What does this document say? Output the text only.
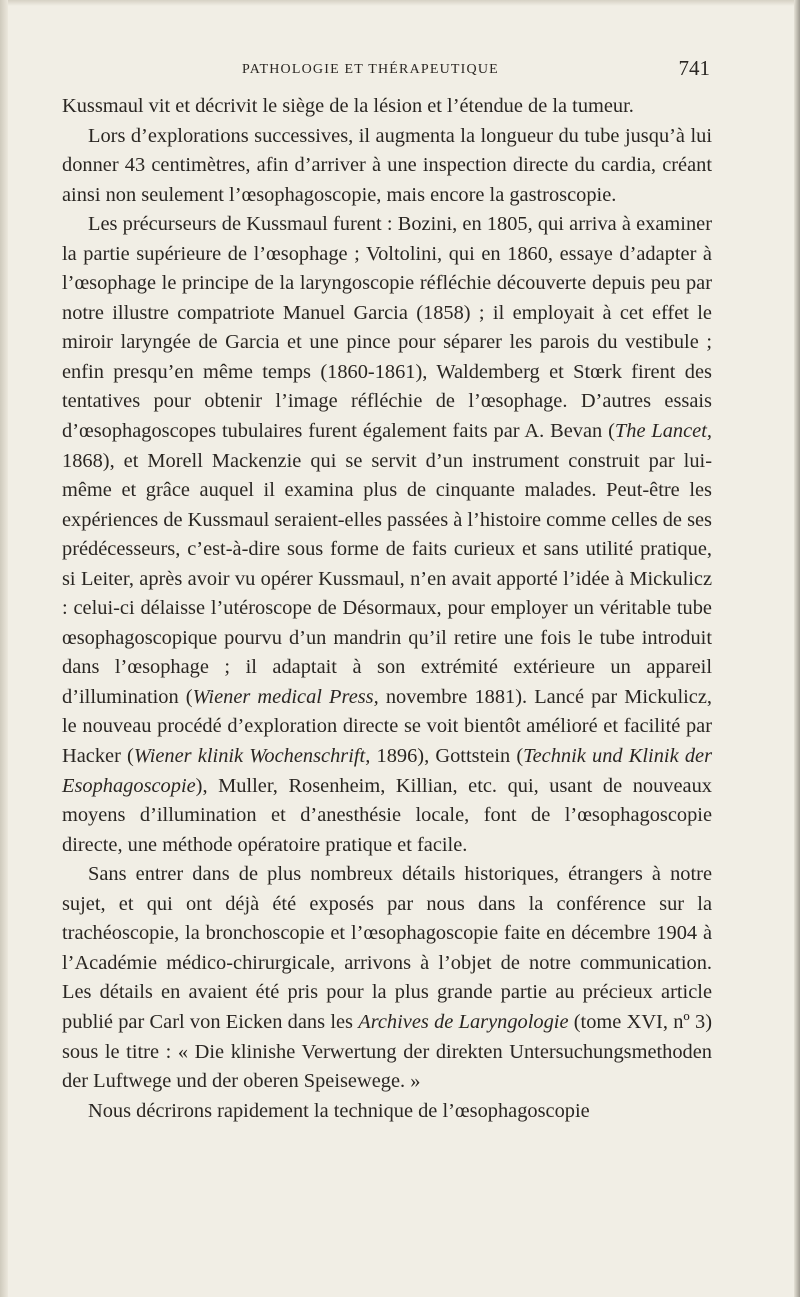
PATHOLOGIE ET THÉRAPEUTIQUE	741

Kussmaul vit et décrivit le siège de la lésion et l’étendue de la tumeur.

Lors d’explorations successives, il augmenta la longueur du tube jusqu’à lui donner 43 centimètres, afin d’arriver à une inspection directe du cardia, créant ainsi non seulement l’œsophagoscopie, mais encore la gastroscopie.

Les précurseurs de Kussmaul furent : Bozini, en 1805, qui arriva à examiner la partie supérieure de l’œsophage ; Voltolini, qui en 1860, essaye d’adapter à l’œsophage le principe de la laryngoscopie réfléchie découverte depuis peu par notre illustre compatriote Manuel Garcia (1858) ; il employait à cet effet le miroir laryngée de Garcia et une pince pour séparer les parois du vestibule ; enfin presqu’en même temps (1860-1861), Waldemberg et Stœrk firent des tentatives pour obtenir l’image réfléchie de l’œsophage. D’autres essais d’œsophagoscopes tubulaires furent également faits par A. Bevan (The Lancet, 1868), et Morell Mackenzie qui se servit d’un instrument construit par lui-même et grâce auquel il examina plus de cinquante malades. Peut-être les expériences de Kussmaul seraient-elles passées à l’histoire comme celles de ses prédécesseurs, c’est-à-dire sous forme de faits curieux et sans utilité pratique, si Leiter, après avoir vu opérer Kussmaul, n’en avait apporté l’idée à Mickulicz : celui-ci délaisse l’utéroscope de Désormaux, pour employer un véritable tube œsophagoscopique pourvu d’un mandrin qu’il retire une fois le tube introduit dans l’œsophage ; il adaptait à son extrémité extérieure un appareil d’illumination (Wiener medical Press, novembre 1881). Lancé par Mickulicz, le nouveau procédé d’exploration directe se voit bientôt amélioré et facilité par Hacker (Wiener klinik Wochenschrift, 1896), Gottstein (Technik und Klinik der Esophagoscopie), Muller, Rosenheim, Killian, etc. qui, usant de nouveaux moyens d’illumination et d’anesthésie locale, font de l’œsophagoscopie directe, une méthode opératoire pratique et facile.

Sans entrer dans de plus nombreux détails historiques, étrangers à notre sujet, et qui ont déjà été exposés par nous dans la conférence sur la trachéoscopie, la bronchoscopie et l’œsophagoscopie faite en décembre 1904 à l’Académie médico-chirurgicale, arrivons à l’objet de notre communication. Les détails en avaient été pris pour la plus grande partie au précieux article publié par Carl von Eicken dans les Archives de Laryngologie (tome XVI, nº 3) sous le titre : « Die klinishe Verwertung der direkten Untersuchungsmethoden der Luftwege und der oberen Speisewege. »

Nous décrirons rapidement la technique de l’œsophagoscopie
